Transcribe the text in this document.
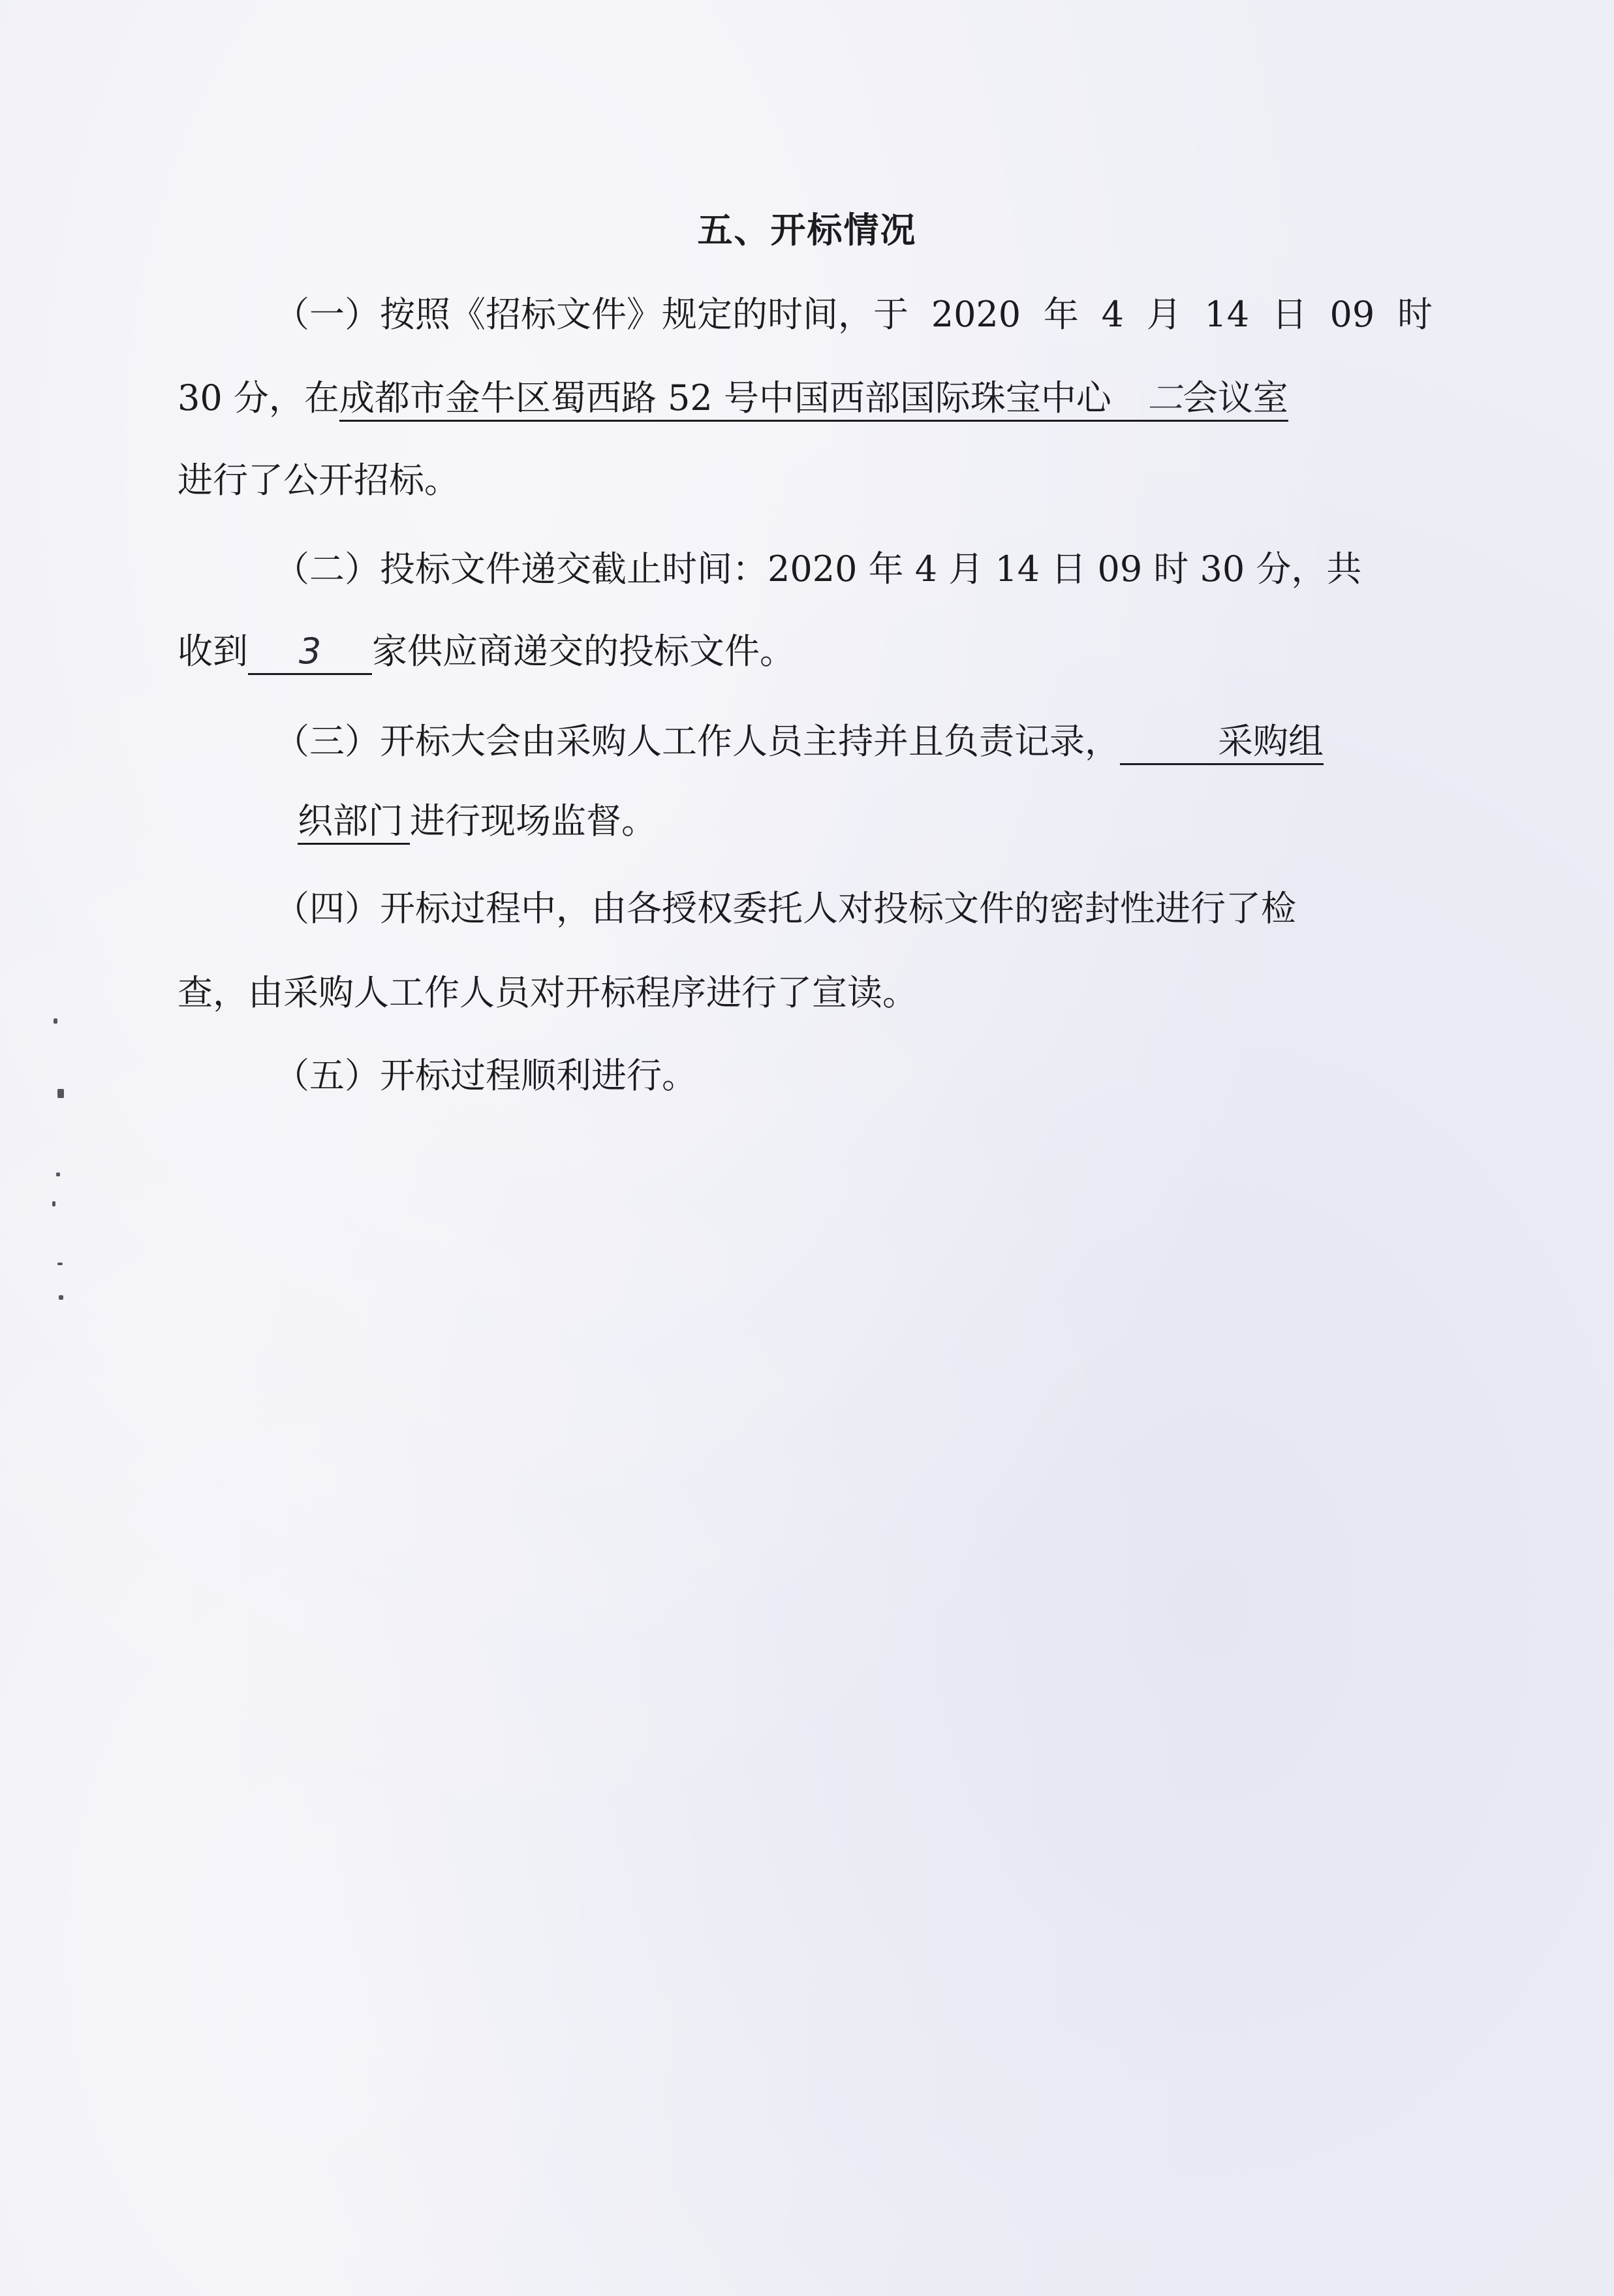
五、开标情况
（一）按照《招标文件》规定的时间，于 2020 年 4 月 14 日 09 时
30 分，在成都市金牛区蜀西路 52 号中国西部国际珠宝中心 二会议室
进行了公开招标。
（二）投标文件递交截止时间：2020 年 4 月 14 日 09 时 30 分，共
收到 3 家供应商递交的投标文件。
（三）开标大会由采购人工作人员主持并且负责记录，	采购组
织部门 进行现场监督。
（四）开标过程中，由各授权委托人对投标文件的密封性进行了检
查，由采购人工作人员对开标程序进行了宣读。
（五）开标过程顺利进行。
